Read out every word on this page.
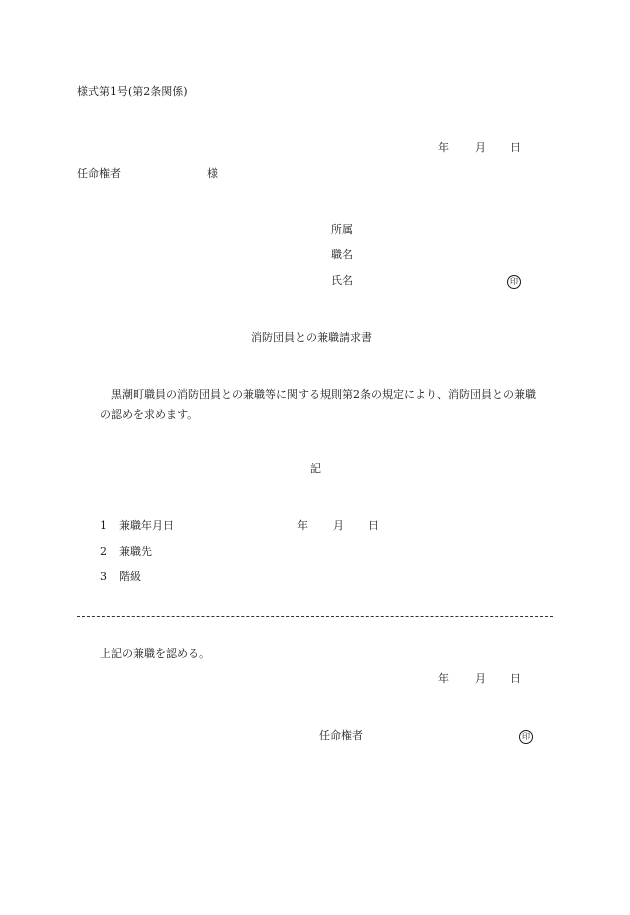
様式第1号(第2条関係)
年 月 日
任命権者	様
所属
職名
氏名	印
消防団員との兼職請求書
黒潮町職員の消防団員との兼職等に関する規則第2条の規定により、消防団員との兼職の認めを求めます。
記
1 兼職年月日	年 月 日
2 兼職先
3 階級
上記の兼職を認める。
年 月 日
任命権者	印
